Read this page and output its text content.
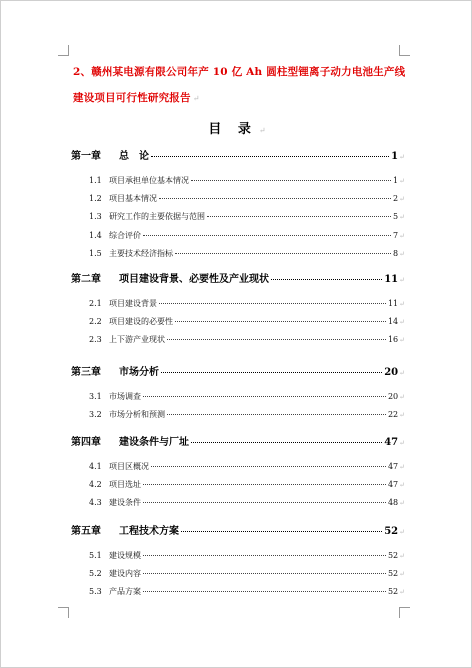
2、赣州某电源有限公司年产 10 亿 Ah 圆柱型锂离子动力电池生产线
建设项目可行性研究报告 ↵
目 录 ↵
第一章	总　论	1 ↵
1.1 项目承担单位基本情况	1 ↵
1.2 项目基本情况	2 ↵
1.3 研究工作的主要依据与范围	5 ↵
1.4 综合评价	7 ↵
1.5 主要技术经济指标	8 ↵
第二章	项目建设背景、必要性及产业现状	11 ↵
2.1 项目建设背景	11 ↵
2.2 项目建设的必要性	14 ↵
2.3 上下游产业现状	16 ↵
第三章	市场分析	20 ↵
3.1 市场调查	20 ↵
3.2 市场分析和预测	22 ↵
第四章	建设条件与厂址	47 ↵
4.1 项目区概况	47 ↵
4.2 项目选址	47 ↵
4.3 建设条件	48 ↵
第五章	工程技术方案	52 ↵
5.1 建设规模	52 ↵
5.2 建设内容	52 ↵
5.3 产品方案	52 ↵
